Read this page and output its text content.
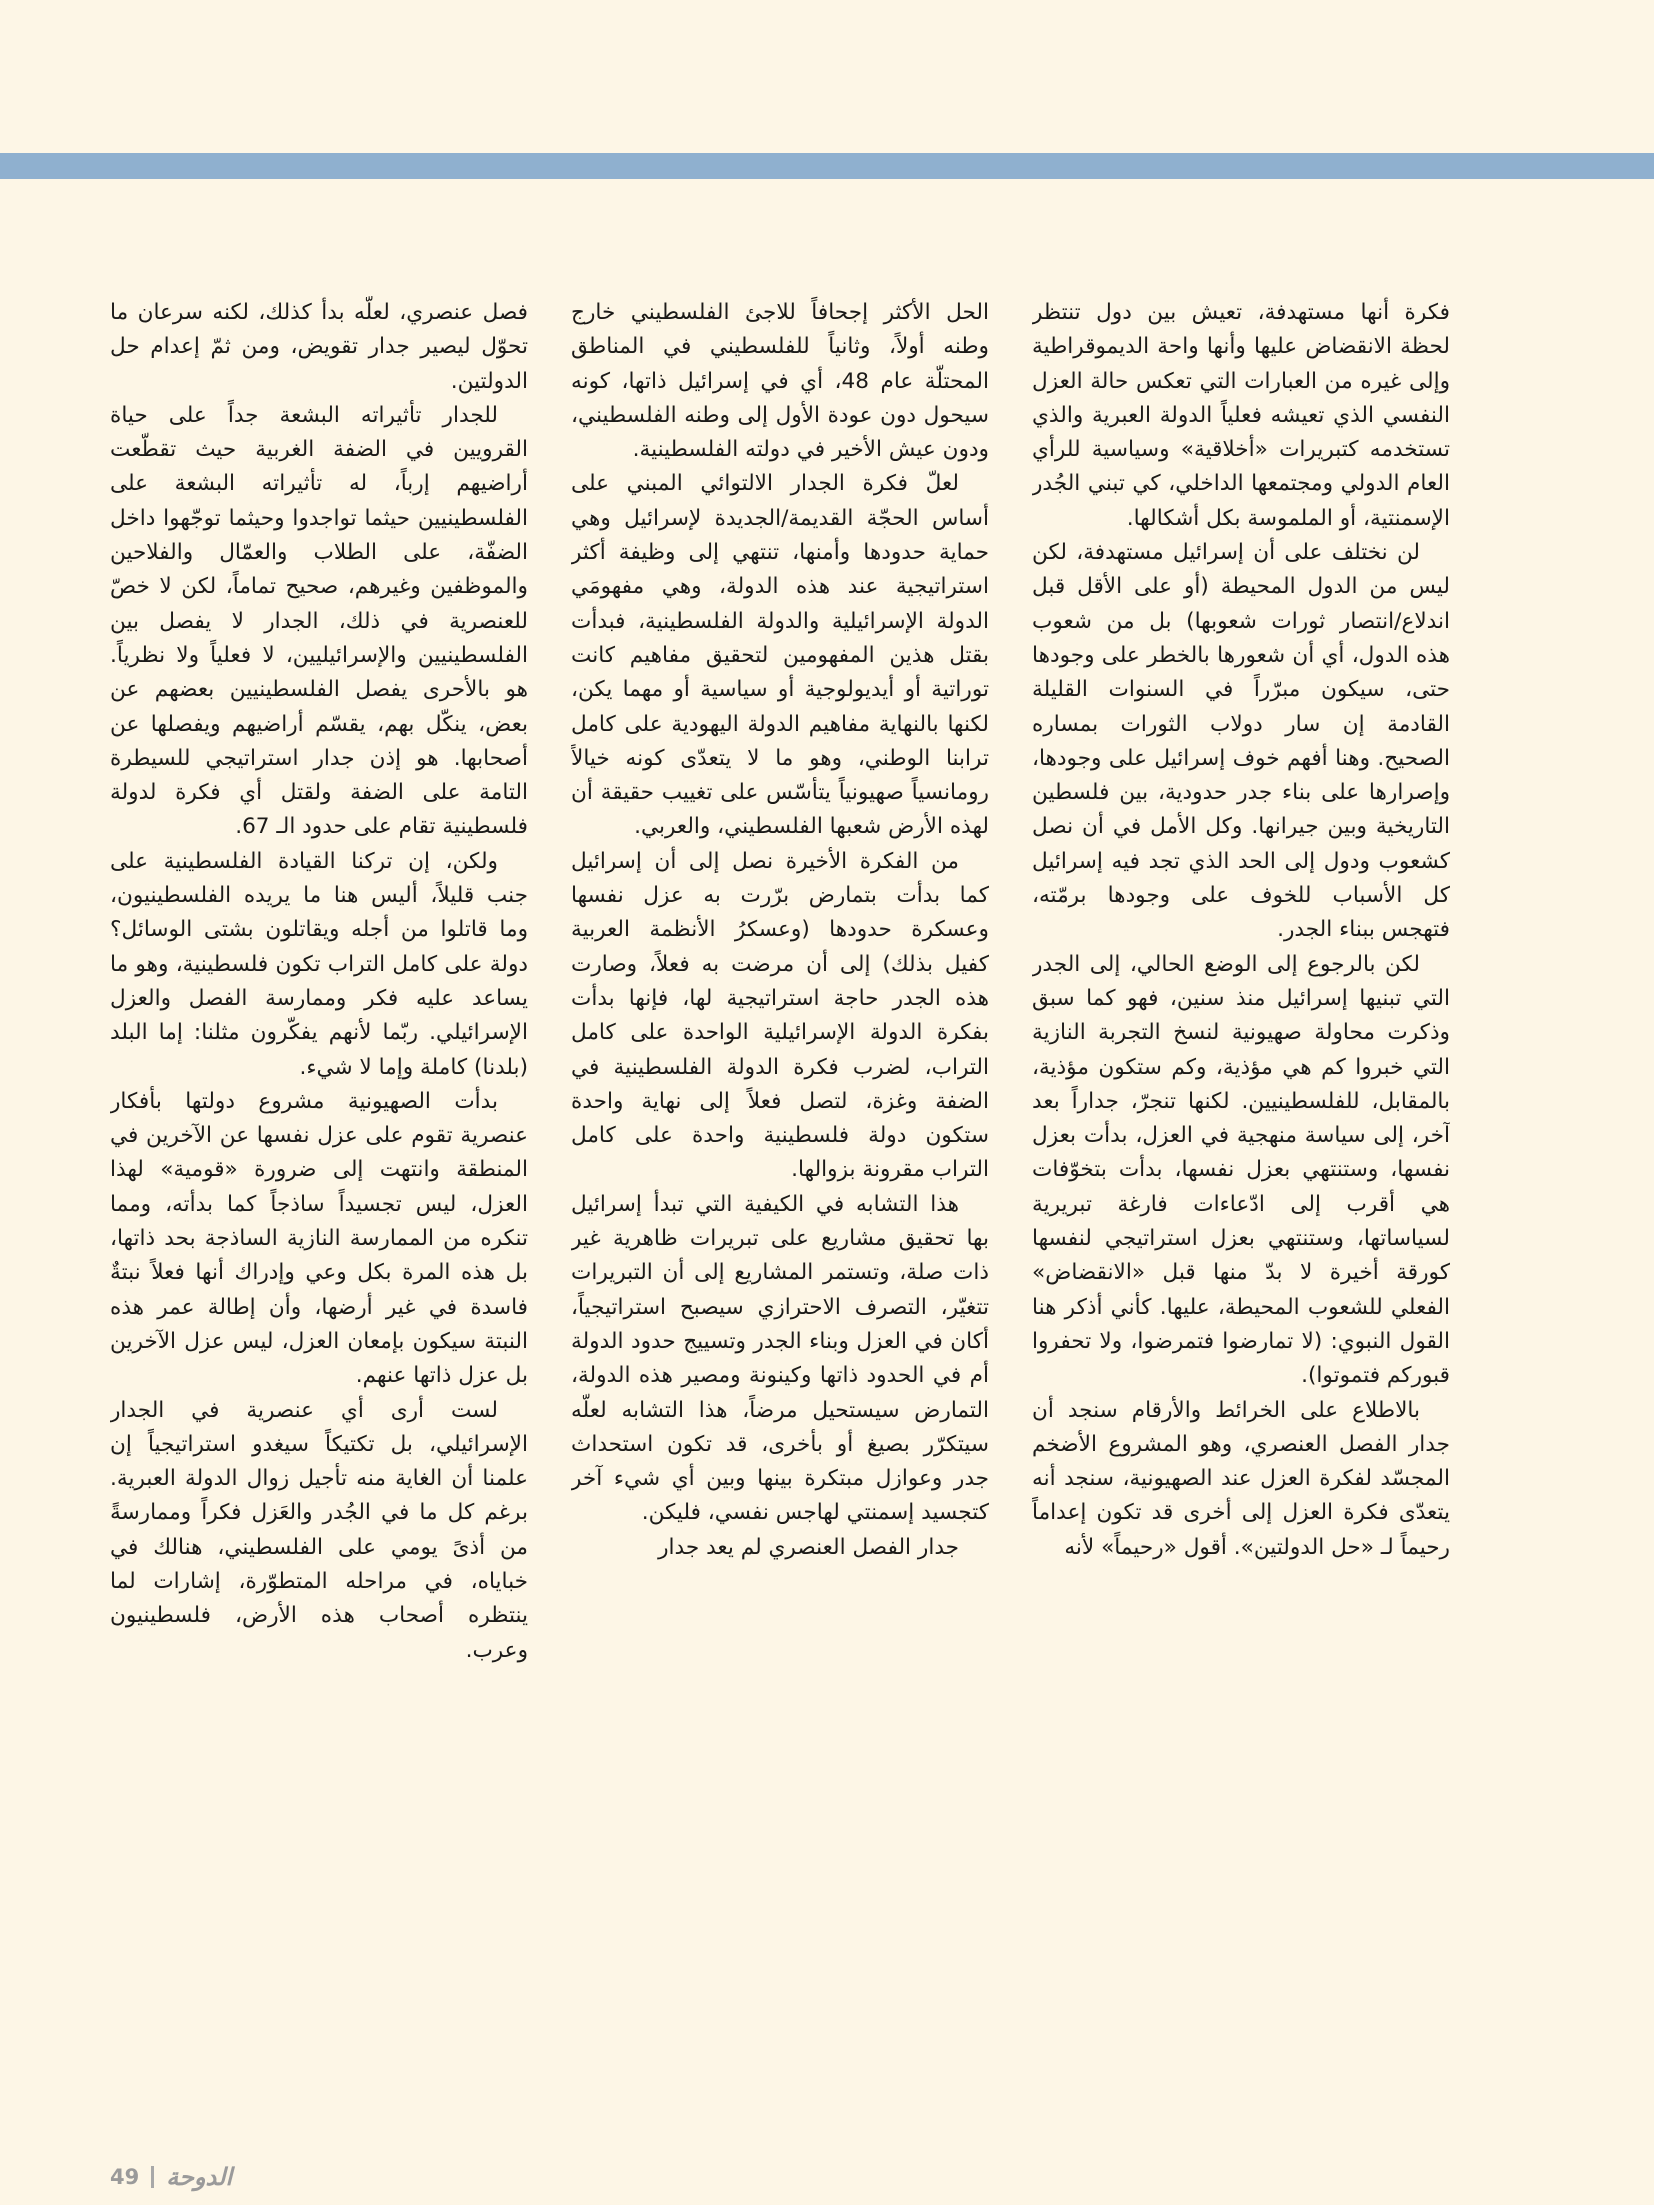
فكرة أنها مستهدفة، تعيش بين دول تنتظر لحظة الانقضاض عليها وأنها واحة الديموقراطية وإلى غيره من العبارات التي تعكس حالة العزل النفسي الذي تعيشه فعلياً الدولة العبرية والذي تستخدمه كتبريرات «أخلاقية» وسياسية للرأي العام الدولي ومجتمعها الداخلي، كي تبني الجُدر الإسمنتية، أو الملموسة بكل أشكالها.

لن نختلف على أن إسرائيل مستهدفة، لكن ليس من الدول المحيطة (أو على الأقل قبل اندلاع/انتصار ثورات شعوبها) بل من شعوب هذه الدول، أي أن شعورها بالخطر على وجودها حتى، سيكون مبرّراً في السنوات القليلة القادمة إن سار دولاب الثورات بمساره الصحيح. وهنا أفهم خوف إسرائيل على وجودها، وإصرارها على بناء جدر حدودية، بين فلسطين التاريخية وبين جيرانها. وكل الأمل في أن نصل كشعوب ودول إلى الحد الذي تجد فيه إسرائيل كل الأسباب للخوف على وجودها برمّته، فتهجس ببناء الجدر.

لكن بالرجوع إلى الوضع الحالي، إلى الجدر التي تبنيها إسرائيل منذ سنين، فهو كما سبق وذكرت محاولة صهيونية لنسخ التجربة النازية التي خبروا كم هي مؤذية، وكم ستكون مؤذية، بالمقابل، للفلسطينيين. لكنها تنجرّ، جداراً بعد آخر، إلى سياسة منهجية في العزل، بدأت بعزل نفسها، وستنتهي بعزل نفسها، بدأت بتخوّفات هي أقرب إلى ادّعاءات فارغة تبريرية لسياساتها، وستنتهي بعزل استراتيجي لنفسها كورقة أخيرة لا بدّ منها قبل «الانقضاض» الفعلي للشعوب المحيطة، عليها. كأني أذكر هنا القول النبوي: (لا تمارضوا فتمرضوا، ولا تحفروا قبوركم فتموتوا).

بالاطلاع على الخرائط والأرقام سنجد أن جدار الفصل العنصري، وهو المشروع الأضخم المجسّد لفكرة العزل عند الصهيونية، سنجد أنه يتعدّى فكرة العزل إلى أخرى قد تكون إعداماً رحيماً لـ «حل الدولتين». أقول «رحيماً» لأنه

الحل الأكثر إجحافاً للاجئ الفلسطيني خارج وطنه أولاً، وثانياً للفلسطيني في المناطق المحتلّة عام 48، أي في إسرائيل ذاتها، كونه سيحول دون عودة الأول إلى وطنه الفلسطيني، ودون عيش الأخير في دولته الفلسطينية.

لعلّ فكرة الجدار الالتوائي المبني على أساس الحجّة القديمة/الجديدة لإسرائيل وهي حماية حدودها وأمنها، تنتهي إلى وظيفة أكثر استراتيجية عند هذه الدولة، وهي مفهومَي الدولة الإسرائيلية والدولة الفلسطينية، فبدأت بقتل هذين المفهومين لتحقيق مفاهيم كانت توراتية أو أيديولوجية أو سياسية أو مهما يكن، لكنها بالنهاية مفاهيم الدولة اليهودية على كامل ترابنا الوطني، وهو ما لا يتعدّى كونه خيالاً رومانسياً صهيونياً يتأسّس على تغييب حقيقة أن لهذه الأرض شعبها الفلسطيني، والعربي.

من الفكرة الأخيرة نصل إلى أن إسرائيل كما بدأت بتمارض برّرت به عزل نفسها وعسكرة حدودها (وعسكرُ الأنظمة العربية كفيل بذلك) إلى أن مرضت به فعلاً، وصارت هذه الجدر حاجة استراتيجية لها، فإنها بدأت بفكرة الدولة الإسرائيلية الواحدة على كامل التراب، لضرب فكرة الدولة الفلسطينية في الضفة وغزة، لتصل فعلاً إلى نهاية واحدة ستكون دولة فلسطينية واحدة على كامل التراب مقرونة بزوالها.

هذا التشابه في الكيفية التي تبدأ إسرائيل بها تحقيق مشاريع على تبريرات ظاهرية غير ذات صلة، وتستمر المشاريع إلى أن التبريرات تتغيّر، التصرف الاحترازي سيصبح استراتيجياً، أكان في العزل وبناء الجدر وتسييج حدود الدولة أم في الحدود ذاتها وكينونة ومصير هذه الدولة، التمارض سيستحيل مرضاً، هذا التشابه لعلّه سيتكرّر بصيغ أو بأخرى، قد تكون استحداث جدر وعوازل مبتكرة بينها وبين أي شيء آخر كتجسيد إسمنتي لهاجس نفسي، فليكن.

جدار الفصل العنصري لم يعد جدار

فصل عنصري، لعلّه بدأ كذلك، لكنه سرعان ما تحوّل ليصير جدار تقويض، ومن ثمّ إعدام حل الدولتين.

للجدار تأثيراته البشعة جداً على حياة القرويين في الضفة الغربية حيث تقطّعت أراضيهم إرباً، له تأثيراته البشعة على الفلسطينيين حيثما تواجدوا وحيثما توجّهوا داخل الضفّة، على الطلاب والعمّال والفلاحين والموظفين وغيرهم، صحيح تماماً، لكن لا خصّ للعنصرية في ذلك، الجدار لا يفصل بين الفلسطينيين والإسرائيليين، لا فعلياً ولا نظرياً. هو بالأحرى يفصل الفلسطينيين بعضهم عن بعض، ينكّل بهم، يقسّم أراضيهم ويفصلها عن أصحابها. هو إذن جدار استراتيجي للسيطرة التامة على الضفة ولقتل أي فكرة لدولة فلسطينية تقام على حدود الـ 67.

ولكن، إن تركنا القيادة الفلسطينية على جنب قليلاً، أليس هنا ما يريده الفلسطينيون، وما قاتلوا من أجله ويقاتلون بشتى الوسائل؟ دولة على كامل التراب تكون فلسطينية، وهو ما يساعد عليه فكر وممارسة الفصل والعزل الإسرائيلي. ربّما لأنهم يفكّرون مثلنا: إما البلد (بلدنا) كاملة وإما لا شيء.

بدأت الصهيونية مشروع دولتها بأفكار عنصرية تقوم على عزل نفسها عن الآخرين في المنطقة وانتهت إلى ضرورة «قومية» لهذا العزل، ليس تجسيداً ساذجاً كما بدأته، ومما تنكره من الممارسة النازية الساذجة بحد ذاتها، بل هذه المرة بكل وعي وإدراك أنها فعلاً نبتةٌ فاسدة في غير أرضها، وأن إطالة عمر هذه النبتة سيكون بإمعان العزل، ليس عزل الآخرين بل عزل ذاتها عنهم.

لست أرى أي عنصرية في الجدار الإسرائيلي، بل تكتيكاً سيغدو استراتيجياً إن علمنا أن الغاية منه تأجيل زوال الدولة العبرية. برغم كل ما في الجُدر والعَزل فكراً وممارسةً من أذىً يومي على الفلسطيني، هنالك في خباياه، في مراحله المتطوّرة، إشارات لما ينتظره أصحاب هذه الأرض، فلسطينيون وعرب.

49 الدوحة
